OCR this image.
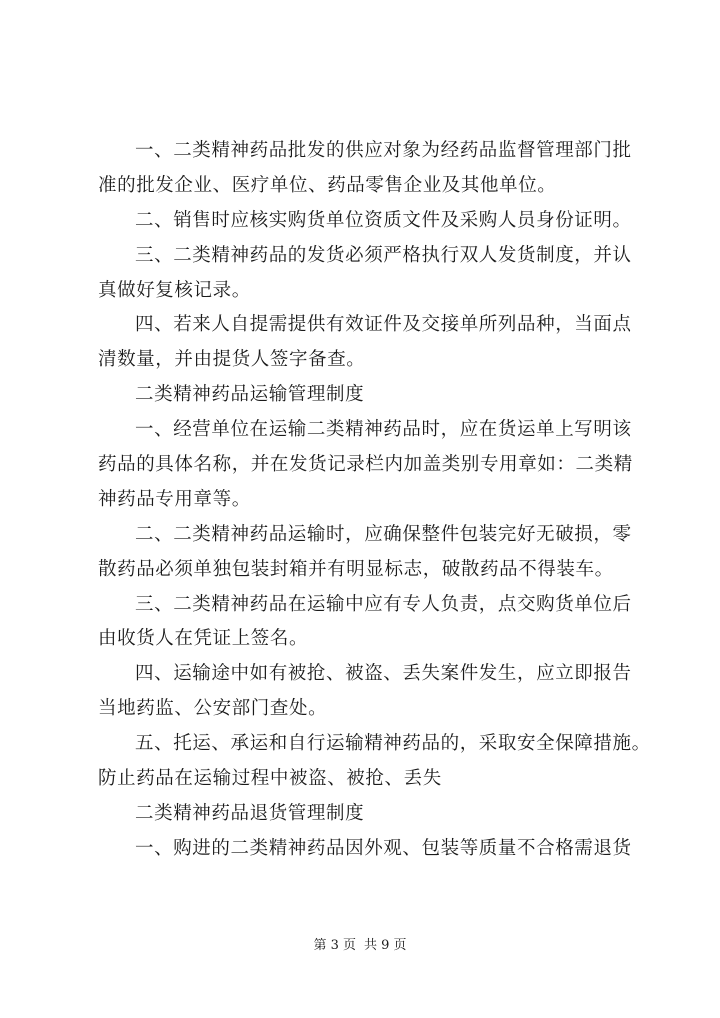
一、二类精神药品批发的供应对象为经药品监督管理部门批
准的批发企业、医疗单位、药品零售企业及其他单位。
二、销售时应核实购货单位资质文件及采购人员身份证明。
三、二类精神药品的发货必须严格执行双人发货制度，并认
真做好复核记录。
四、若来人自提需提供有效证件及交接单所列品种，当面点
清数量，并由提货人签字备查。
二类精神药品运输管理制度
一、经营单位在运输二类精神药品时，应在货运单上写明该
药品的具体名称，并在发货记录栏内加盖类别专用章如：二类精
神药品专用章等。
二、二类精神药品运输时，应确保整件包装完好无破损，零
散药品必须单独包装封箱并有明显标志，破散药品不得装车。
三、二类精神药品在运输中应有专人负责，点交购货单位后
由收货人在凭证上签名。
四、运输途中如有被抢、被盗、丢失案件发生，应立即报告
当地药监、公安部门查处。
五、托运、承运和自行运输精神药品的，采取安全保障措施。
防止药品在运输过程中被盗、被抢、丢失
二类精神药品退货管理制度
一、购进的二类精神药品因外观、包装等质量不合格需退货
第 3 页 共 9 页
